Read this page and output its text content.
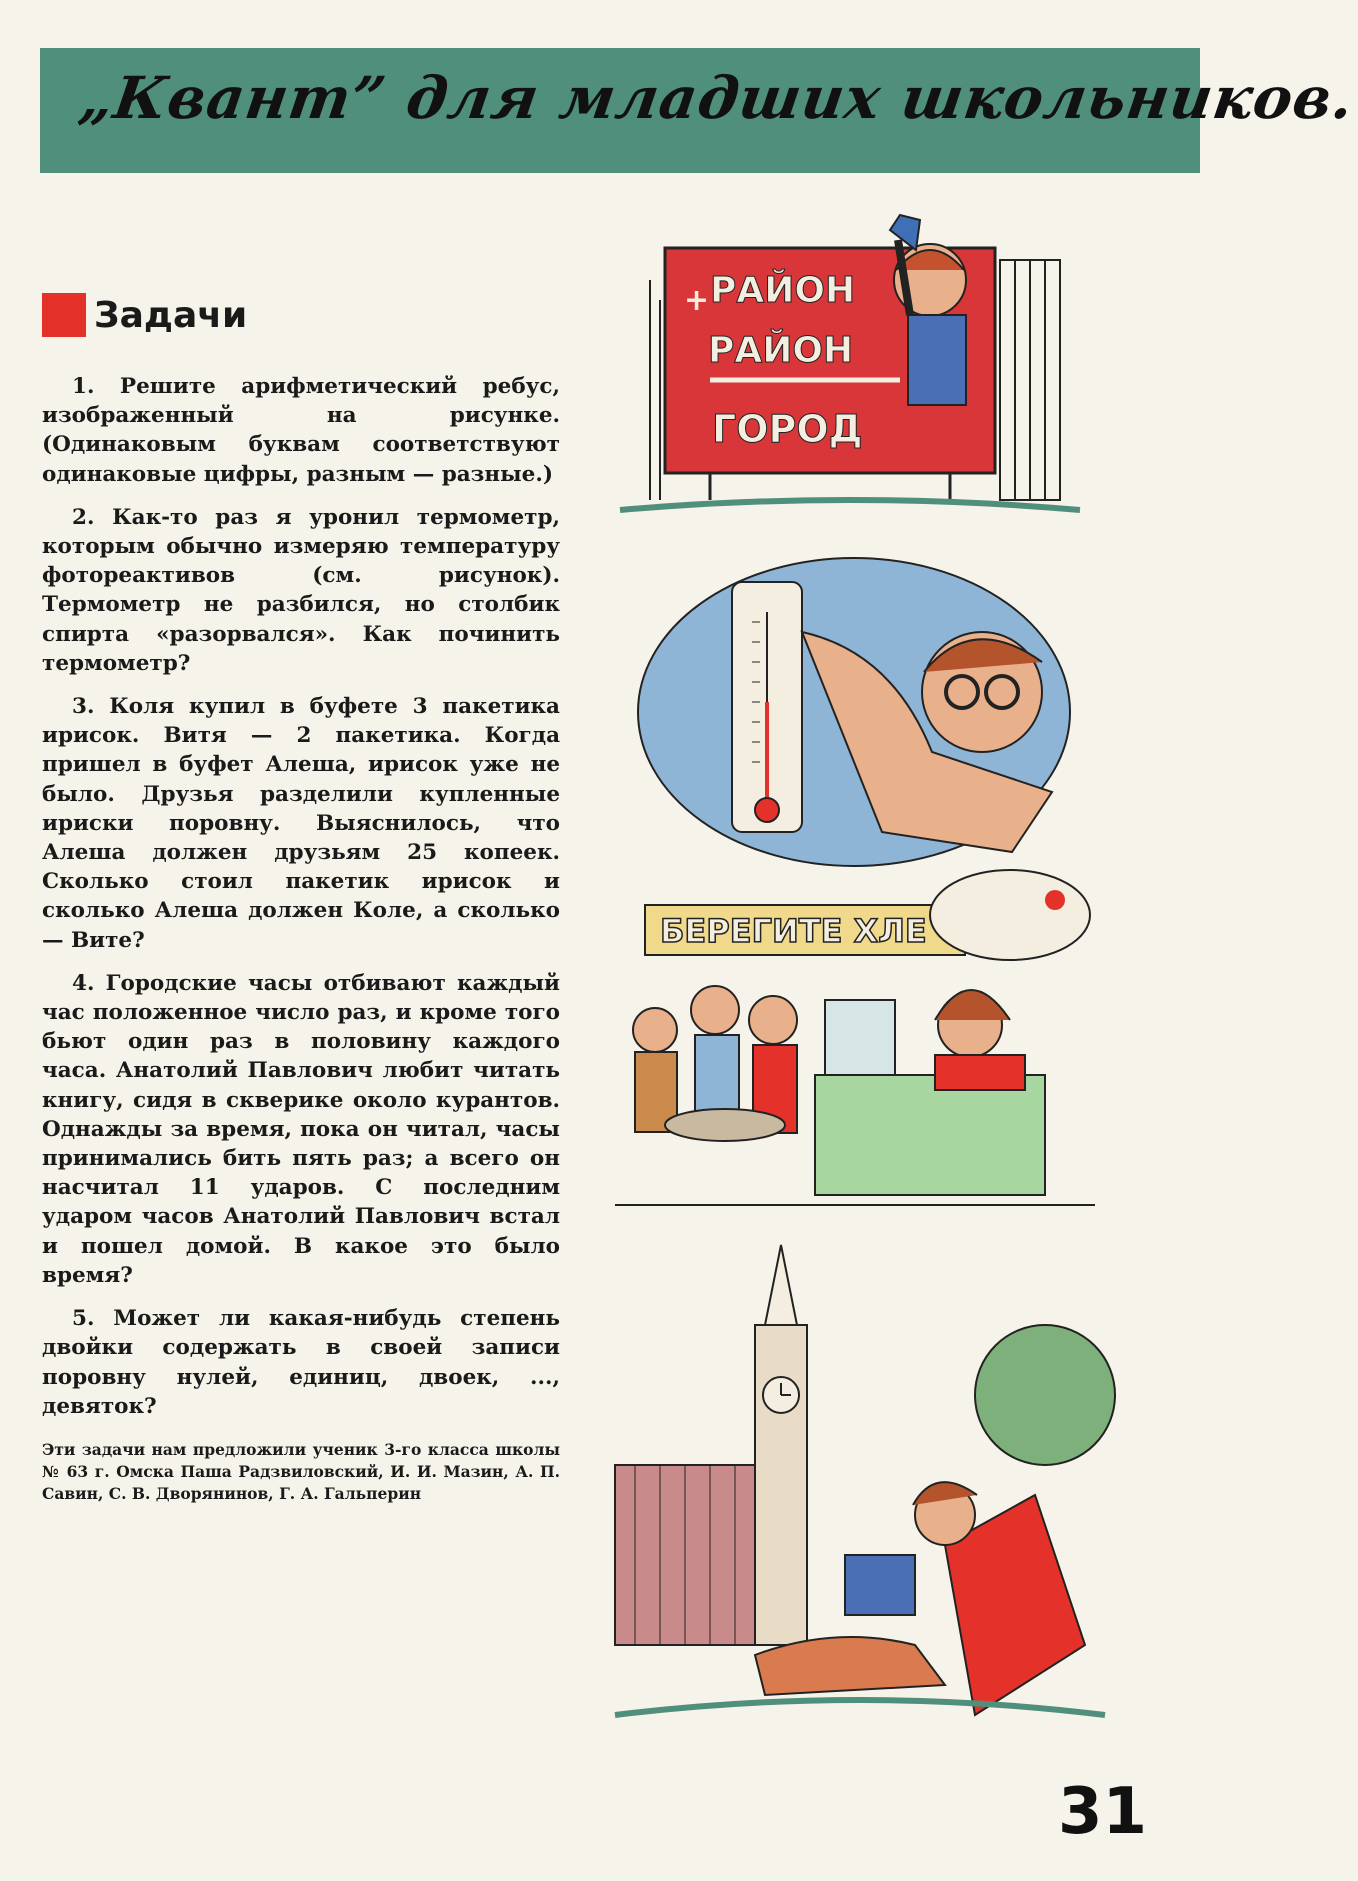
„Квант” для младших школьников.
Задачи

1. Решите арифметический ребус, изображенный на рисунке. (Одинаковым буквам соответствуют одинаковые цифры, разным — разные.)

2. Как-то раз я уронил термометр, которым обычно измеряю температуру фотореактивов (см. рисунок). Термометр не разбился, но столбик спирта «разорвался». Как починить термометр?

3. Коля купил в буфете 3 пакетика ирисок. Витя — 2 пакетика. Когда пришел в буфет Алеша, ирисок уже не было. Друзья разделили купленные ириски поровну. Выяснилось, что Алеша должен друзьям 25 копеек. Сколько стоил пакетик ирисок и сколько Алеша должен Коле, а сколько — Вите?

4. Городские часы отбивают каждый час положенное число раз, и кроме того бьют один раз в половину каждого часа. Анатолий Павлович любит читать книгу, сидя в скверике около курантов. Однажды за время, пока он читал, часы принимались бить пять раз; а всего он насчитал 11 ударов. С последним ударом часов Анатолий Павлович встал и пошел домой. В какое это было время?

5. Может ли какая-нибудь степень двойки содержать в своей записи поровну нулей, единиц, двоек, ..., девяток?

Эти задачи нам предложили ученик 3-го класса школы № 63 г. Омска Паша Радзвиловский, И. И. Мазин, А. П. Савин, С. В. Дворянинов, Г. А. Гальперин
+ РАЙОН
РАЙОН
ГОРОД
БЕРЕГИТЕ ХЛЕ
31
